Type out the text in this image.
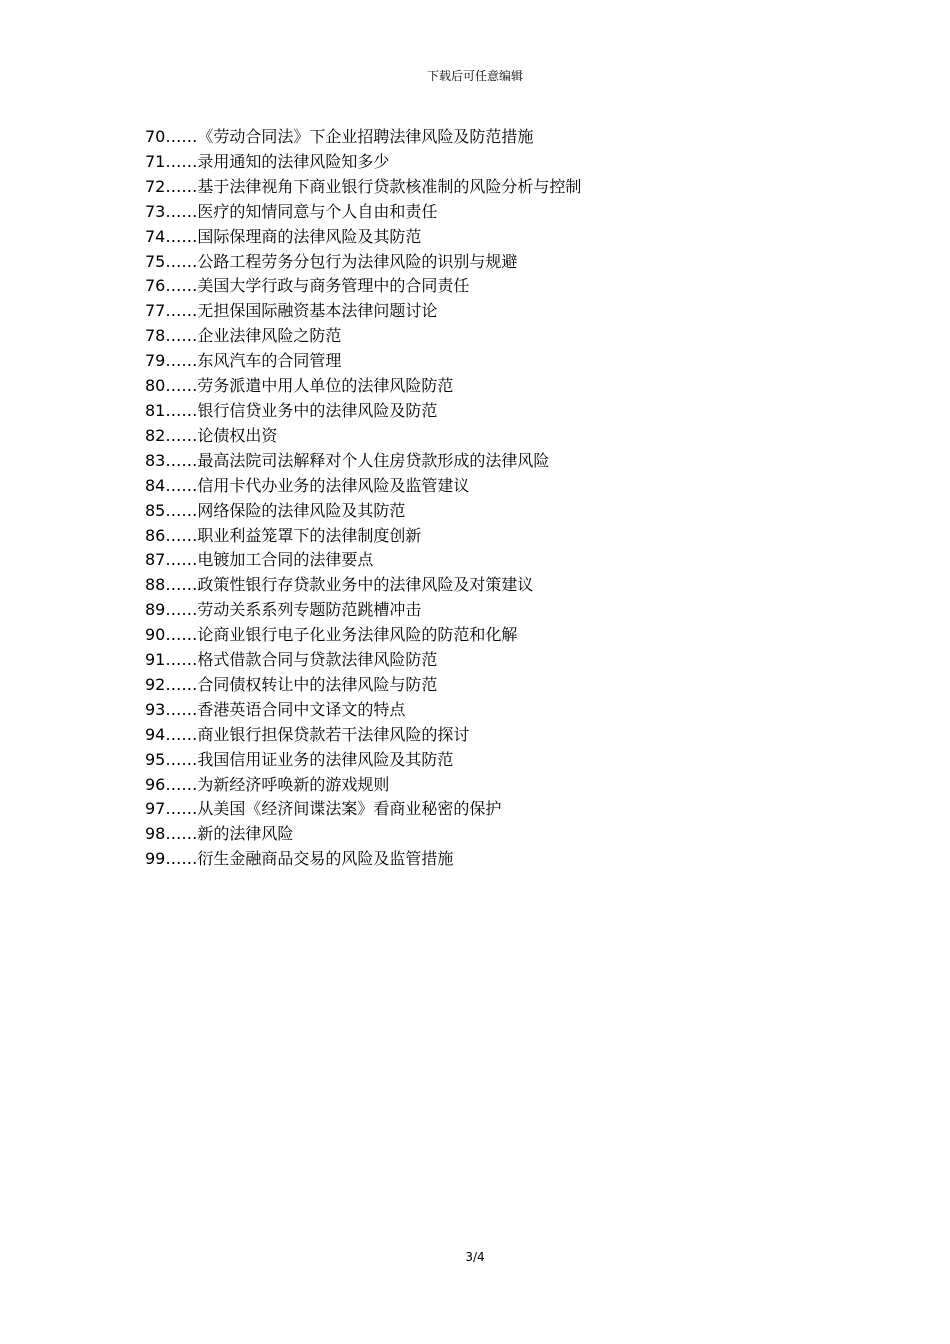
下载后可任意编辑
70……《劳动合同法》下企业招聘法律风险及防范措施
71……录用通知的法律风险知多少
72……基于法律视角下商业银行贷款核准制的风险分析与控制
73……医疗的知情同意与个人自由和责任
74……国际保理商的法律风险及其防范
75……公路工程劳务分包行为法律风险的识别与规避
76……美国大学行政与商务管理中的合同责任
77……无担保国际融资基本法律问题讨论
78……企业法律风险之防范
79……东风汽车的合同管理
80……劳务派遣中用人单位的法律风险防范
81……银行信贷业务中的法律风险及防范
82……论债权出资
83……最高法院司法解释对个人住房贷款形成的法律风险
84……信用卡代办业务的法律风险及监管建议
85……网络保险的法律风险及其防范
86……职业利益笼罩下的法律制度创新
87……电镀加工合同的法律要点
88……政策性银行存贷款业务中的法律风险及对策建议
89……劳动关系系列专题防范跳槽冲击
90……论商业银行电子化业务法律风险的防范和化解
91……格式借款合同与贷款法律风险防范
92……合同债权转让中的法律风险与防范
93……香港英语合同中文译文的特点
94……商业银行担保贷款若干法律风险的探讨
95……我国信用证业务的法律风险及其防范
96……为新经济呼唤新的游戏规则
97……从美国《经济间谍法案》看商业秘密的保护
98……新的法律风险
99……衍生金融商品交易的风险及监管措施
3/4
